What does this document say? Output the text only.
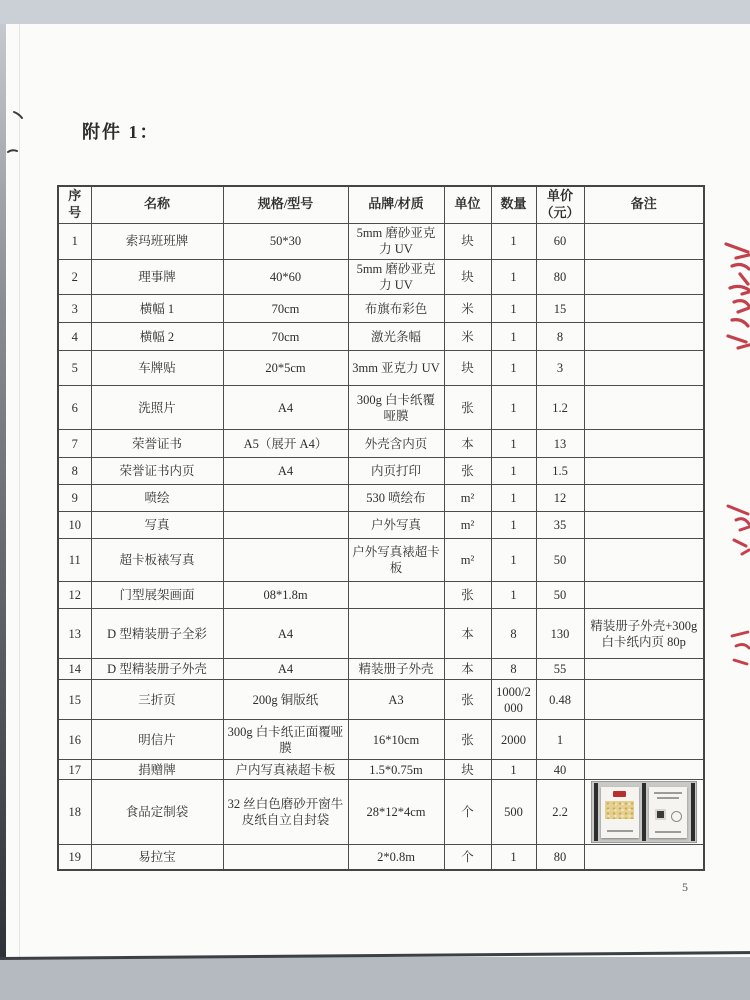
附件 1：
序号	名称	规格/型号	品牌/材质	单位	数量	单价（元）	备注
1	索玛班班牌	50*30	5mm 磨砂亚克力 UV	块	1	60	
2	理事牌	40*60	5mm 磨砂亚克力 UV	块	1	80	
3	横幅 1	70cm	布旗布彩色	米	1	15	
4	横幅 2	70cm	激光条幅	米	1	8	
5	车牌贴	20*5cm	3mm 亚克力 UV	块	1	3	
6	洗照片	A4	300g 白卡纸覆哑膜	张	1	1.2	
7	荣誉证书	A5（展开 A4）	外壳含内页	本	1	13	
8	荣誉证书内页	A4	内页打印	张	1	1.5	
9	喷绘		530 喷绘布	m²	1	12	
10	写真		户外写真	m²	1	35	
11	超卡板裱写真		户外写真裱超卡板	m²	1	50	
12	门型展架画面	08*1.8m		张	1	50	
13	D 型精装册子全彩	A4		本	8	130	精装册子外壳+300g 白卡纸内页 80p
14	D 型精装册子外壳	A4	精装册子外壳	本	8	55	
15	三折页	200g 铜版纸	A3	张	1000/2000	0.48	
16	明信片	300g 白卡纸正面覆哑膜	16*10cm	张	2000	1	
17	捐赠牌	户内写真裱超卡板	1.5*0.75m	块	1	40	
18	食品定制袋	32 丝白色磨砂开窗牛皮纸自立自封袋	28*12*4cm	个	500	2.2	

19	易拉宝		2*0.8m	个	1	80	
5
